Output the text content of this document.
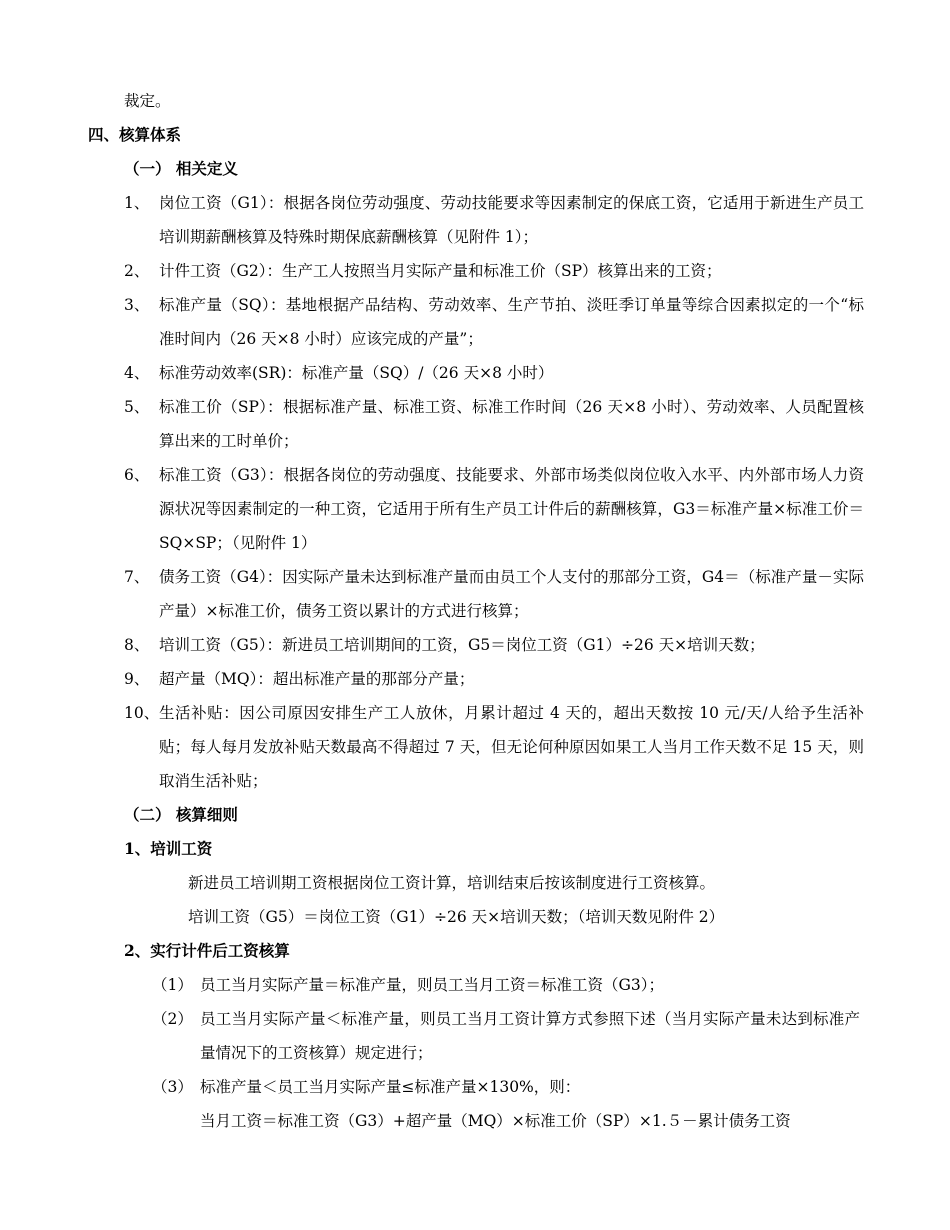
裁定。
四、核算体系
（一） 相关定义
1、 岗位工资（G1）：根据各岗位劳动强度、劳动技能要求等因素制定的保底工资，它适用于新进生产员工培训期薪酬核算及特殊时期保底薪酬核算（见附件 1）；
2、 计件工资（G2）：生产工人按照当月实际产量和标准工价（SP）核算出来的工资；
3、 标准产量（SQ）：基地根据产品结构、劳动效率、生产节拍、淡旺季订单量等综合因素拟定的一个“标准时间内（26 天×8 小时）应该完成的产量”；
4、 标准劳动效率(SR)：标准产量（SQ）/（26 天×8 小时）
5、 标准工价（SP）：根据标准产量、标准工资、标准工作时间（26 天×8 小时）、劳动效率、人员配置核算出来的工时单价；
6、 标准工资（G3）：根据各岗位的劳动强度、技能要求、外部市场类似岗位收入水平、内外部市场人力资源状况等因素制定的一种工资，它适用于所有生产员工计件后的薪酬核算，G3＝标准产量×标准工价＝SQ×SP；（见附件 1）
7、 债务工资（G4）：因实际产量未达到标准产量而由员工个人支付的那部分工资，G4＝（标准产量－实际产量）×标准工价，债务工资以累计的方式进行核算；
8、 培训工资（G5）：新进员工培训期间的工资，G5＝岗位工资（G1）÷26 天×培训天数；
9、 超产量（MQ）：超出标准产量的那部分产量；
10、 生活补贴：因公司原因安排生产工人放休，月累计超过 4 天的，超出天数按 10 元/天/人给予生活补贴；每人每月发放补贴天数最高不得超过 7 天，但无论何种原因如果工人当月工作天数不足 15 天，则取消生活补贴；
（二） 核算细则
1、培训工资
新进员工培训期工资根据岗位工资计算，培训结束后按该制度进行工资核算。
培训工资（G5）＝岗位工资（G1）÷26 天×培训天数；（培训天数见附件 2）
2、实行计件后工资核算
（1） 员工当月实际产量＝标准产量，则员工当月工资＝标准工资（G3）；
（2） 员工当月实际产量＜标准产量，则员工当月工资计算方式参照下述（当月实际产量未达到标准产量情况下的工资核算）规定进行；
（3） 标准产量＜员工当月实际产量≤标准产量×130%，则：
当月工资＝标准工资（G3）+超产量（MQ）×标准工价（SP）×1.５－累计债务工资
